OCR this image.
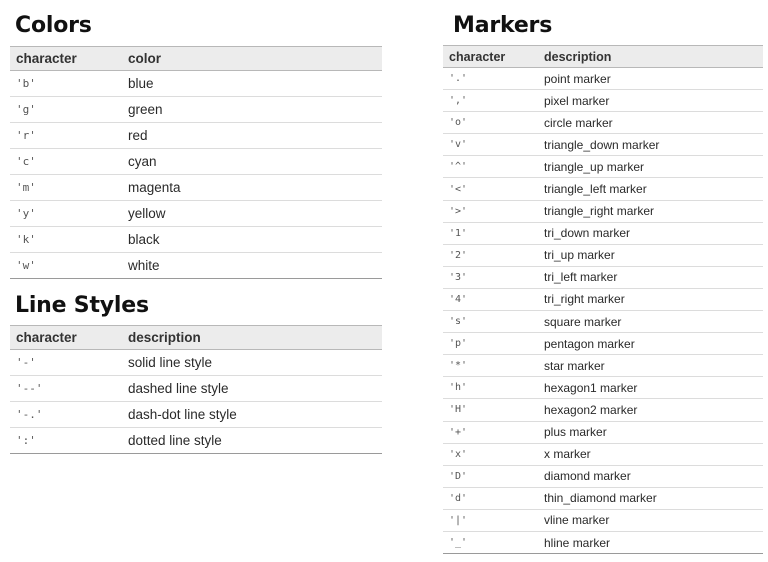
Colors
character	color
'b'	blue
'g'	green
'r'	red
'c'	cyan
'm'	magenta
'y'	yellow
'k'	black
'w'	white
Line Styles
character	description
'-'	solid line style
'--'	dashed line style
'-.'	dash-dot line style
':'	dotted line style
Markers
character	description
'.'	point marker
','	pixel marker
'o'	circle marker
'v'	triangle_down marker
'^'	triangle_up marker
'<'	triangle_left marker
'>'	triangle_right marker
'1'	tri_down marker
'2'	tri_up marker
'3'	tri_left marker
'4'	tri_right marker
's'	square marker
'p'	pentagon marker
'*'	star marker
'h'	hexagon1 marker
'H'	hexagon2 marker
'+'	plus marker
'x'	x marker
'D'	diamond marker
'd'	thin_diamond marker
'|'	vline marker
'_'	hline marker
